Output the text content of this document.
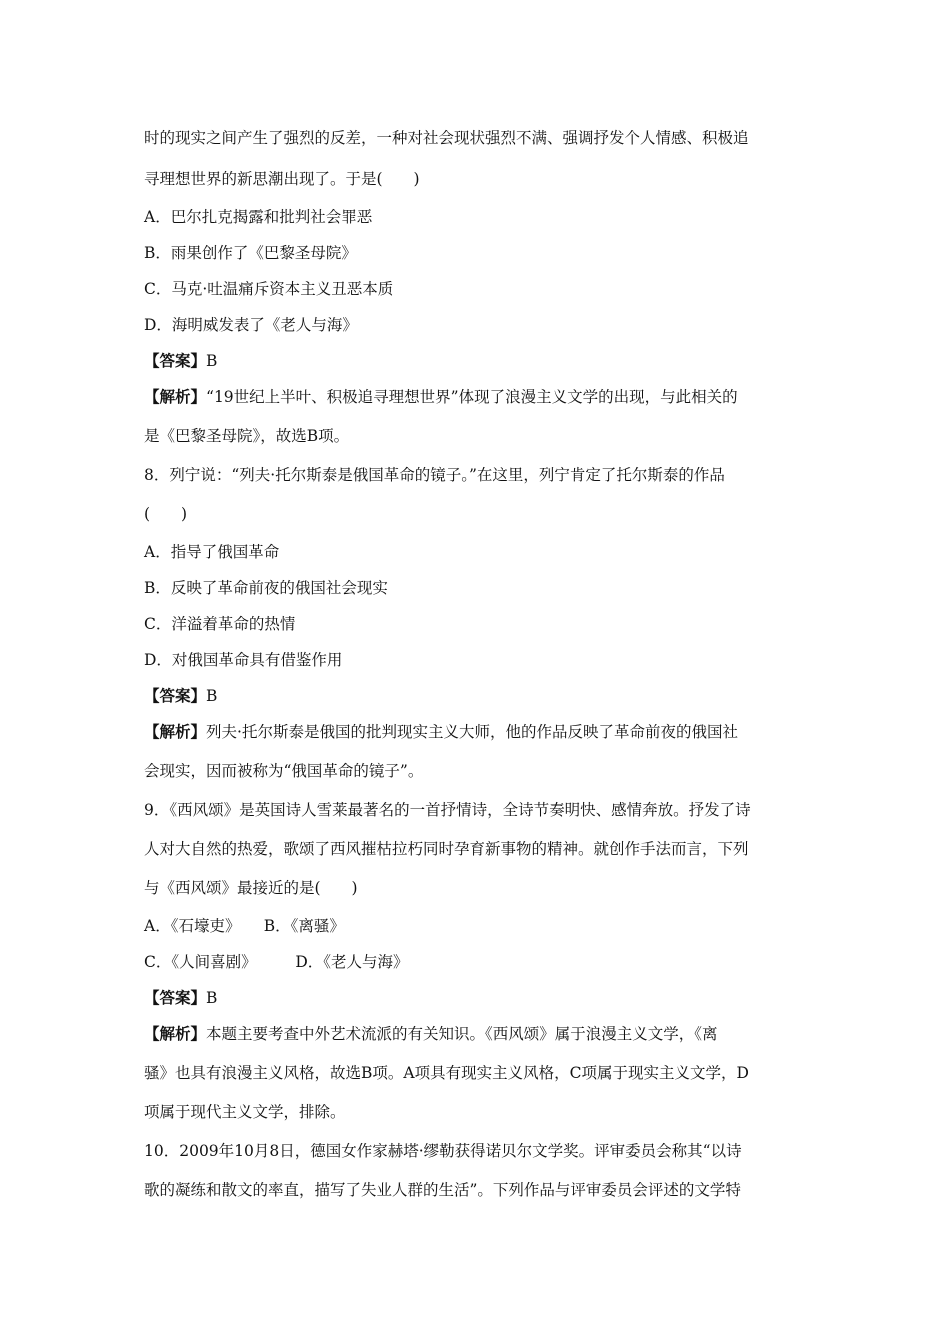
时的现实之间产生了强烈的反差，一种对社会现状强烈不满、强调抒发个人情感、积极追
寻理想世界的新思潮出现了。于是(　　)
A．巴尔扎克揭露和批判社会罪恶
B．雨果创作了《巴黎圣母院》
C．马克·吐温痛斥资本主义丑恶本质
D．海明威发表了《老人与海》
【答案】B
【解析】“19世纪上半叶、积极追寻理想世界”体现了浪漫主义文学的出现，与此相关的
是《巴黎圣母院》，故选B项。
8．列宁说：“列夫·托尔斯泰是俄国革命的镜子。”在这里，列宁肯定了托尔斯泰的作品
(　　)
A．指导了俄国革命
B．反映了革命前夜的俄国社会现实
C．洋溢着革命的热情
D．对俄国革命具有借鉴作用
【答案】B
【解析】列夫·托尔斯泰是俄国的批判现实主义大师，他的作品反映了革命前夜的俄国社
会现实，因而被称为“俄国革命的镜子”。
9．《西风颂》是英国诗人雪莱最著名的一首抒情诗，全诗节奏明快、感情奔放。抒发了诗
人对大自然的热爱，歌颂了西风摧枯拉朽同时孕育新事物的精神。就创作手法而言，下列
与《西风颂》最接近的是(　　)
A．《石壕吏》　　B．《离骚》
C．《人间喜剧》　　　D．《老人与海》
【答案】B
【解析】本题主要考查中外艺术流派的有关知识。《西风颂》属于浪漫主义文学，《离
骚》也具有浪漫主义风格，故选B项。A项具有现实主义风格，C项属于现实主义文学，D
项属于现代主义文学，排除。
10．2009年10月8日，德国女作家赫塔·缪勒获得诺贝尔文学奖。评审委员会称其“以诗
歌的凝练和散文的率直，描写了失业人群的生活”。下列作品与评审委员会评述的文学特
